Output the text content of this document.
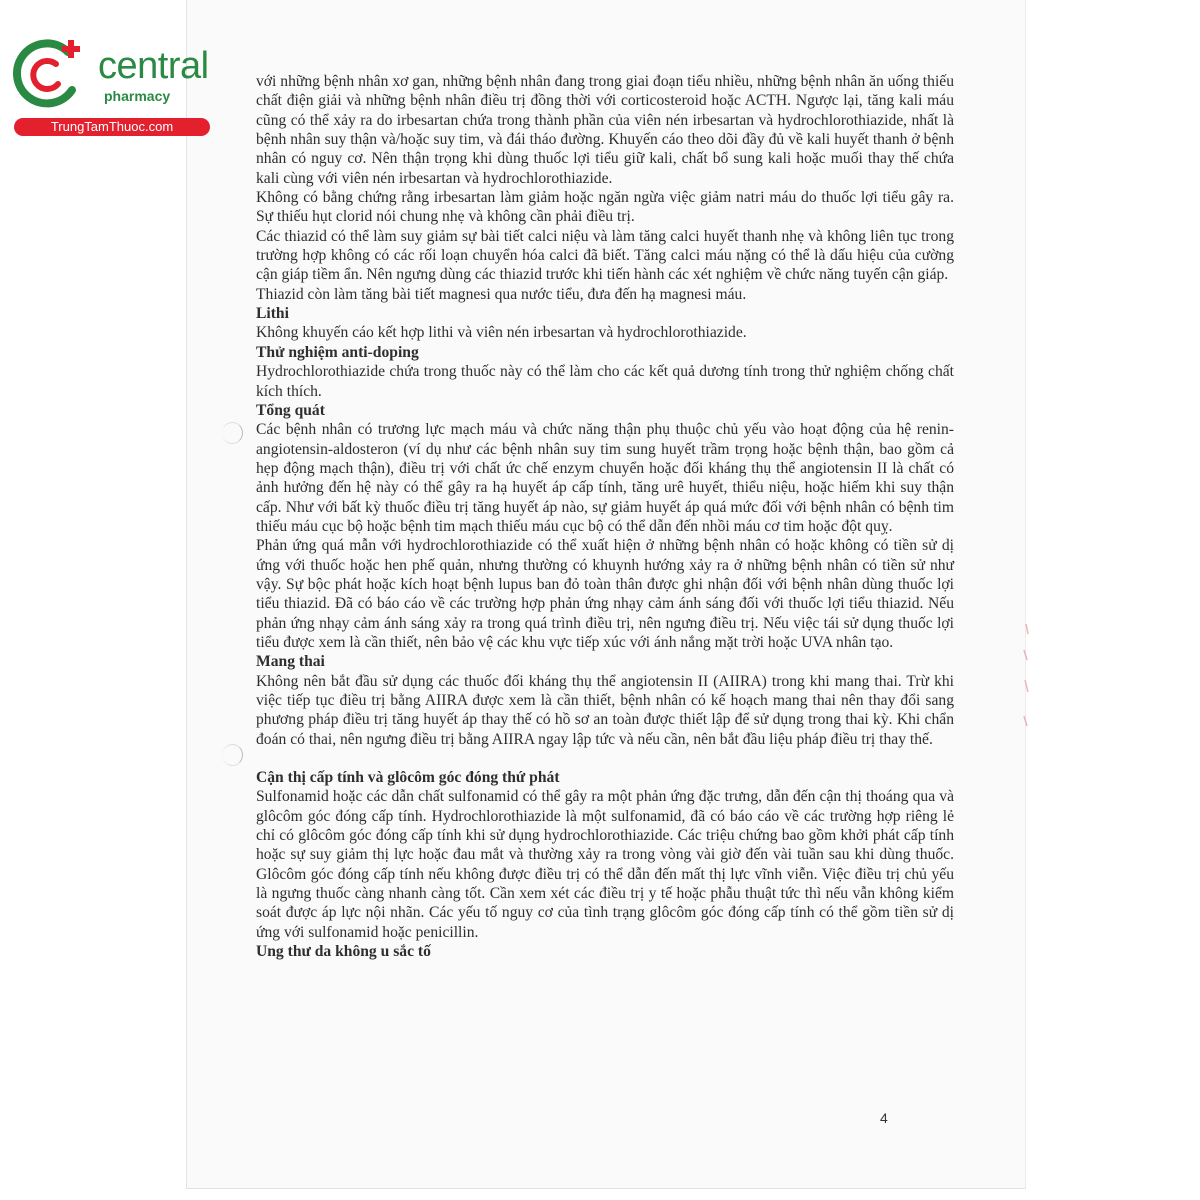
central
pharmacy
TrungTamThuoc.com

với những bệnh nhân xơ gan, những bệnh nhân đang trong giai đoạn tiểu nhiều, những bệnh nhân ăn uống thiếu chất điện giải và những bệnh nhân điều trị đồng thời với corticosteroid hoặc ACTH. Ngược lại, tăng kali máu cũng có thể xảy ra do irbesartan chứa trong thành phần của viên nén irbesartan và hydrochlorothiazide, nhất là bệnh nhân suy thận và/hoặc suy tim, và đái tháo đường. Khuyến cáo theo dõi đầy đủ về kali huyết thanh ở bệnh nhân có nguy cơ. Nên thận trọng khi dùng thuốc lợi tiểu giữ kali, chất bổ sung kali hoặc muối thay thế chứa kali cùng với viên nén irbesartan và hydrochlorothiazide.

Không có bằng chứng rằng irbesartan làm giảm hoặc ngăn ngừa việc giảm natri máu do thuốc lợi tiểu gây ra. Sự thiếu hụt clorid nói chung nhẹ và không cần phải điều trị.

Các thiazid có thể làm suy giảm sự bài tiết calci niệu và làm tăng calci huyết thanh nhẹ và không liên tục trong trường hợp không có các rối loạn chuyển hóa calci đã biết. Tăng calci máu nặng có thể là dấu hiệu của cường cận giáp tiềm ẩn. Nên ngưng dùng các thiazid trước khi tiến hành các xét nghiệm về chức năng tuyến cận giáp.

Thiazid còn làm tăng bài tiết magnesi qua nước tiểu, đưa đến hạ magnesi máu.

Lithi

Không khuyến cáo kết hợp lithi và viên nén irbesartan và hydrochlorothiazide.

Thử nghiệm anti-doping

Hydrochlorothiazide chứa trong thuốc này có thể làm cho các kết quả dương tính trong thử nghiệm chống chất kích thích.

Tổng quát

Các bệnh nhân có trương lực mạch máu và chức năng thận phụ thuộc chủ yếu vào hoạt động của hệ renin-angiotensin-aldosteron (ví dụ như các bệnh nhân suy tim sung huyết trầm trọng hoặc bệnh thận, bao gồm cả hẹp động mạch thận), điều trị với chất ức chế enzym chuyển hoặc đối kháng thụ thể angiotensin II là chất có ảnh hưởng đến hệ này có thể gây ra hạ huyết áp cấp tính, tăng urê huyết, thiểu niệu, hoặc hiếm khi suy thận cấp. Như với bất kỳ thuốc điều trị tăng huyết áp nào, sự giảm huyết áp quá mức đối với bệnh nhân có bệnh tim thiếu máu cục bộ hoặc bệnh tim mạch thiếu máu cục bộ có thể dẫn đến nhồi máu cơ tim hoặc đột quỵ.

Phản ứng quá mẫn với hydrochlorothiazide có thể xuất hiện ở những bệnh nhân có hoặc không có tiền sử dị ứng với thuốc hoặc hen phế quản, nhưng thường có khuynh hướng xảy ra ở những bệnh nhân có tiền sử như vậy. Sự bộc phát hoặc kích hoạt bệnh lupus ban đỏ toàn thân được ghi nhận đối với bệnh nhân dùng thuốc lợi tiểu thiazid. Đã có báo cáo về các trường hợp phản ứng nhạy cảm ánh sáng đối với thuốc lợi tiểu thiazid. Nếu phản ứng nhạy cảm ánh sáng xảy ra trong quá trình điều trị, nên ngưng điều trị. Nếu việc tái sử dụng thuốc lợi tiểu được xem là cần thiết, nên bảo vệ các khu vực tiếp xúc với ánh nắng mặt trời hoặc UVA nhân tạo.

Mang thai

Không nên bắt đầu sử dụng các thuốc đối kháng thụ thể angiotensin II (AIIRA) trong khi mang thai. Trừ khi việc tiếp tục điều trị bằng AIIRA được xem là cần thiết, bệnh nhân có kế hoạch mang thai nên thay đổi sang phương pháp điều trị tăng huyết áp thay thế có hồ sơ an toàn được thiết lập để sử dụng trong thai kỳ. Khi chẩn đoán có thai, nên ngưng điều trị bằng AIIRA ngay lập tức và nếu cần, nên bắt đầu liệu pháp điều trị thay thế.

Cận thị cấp tính và glôcôm góc đóng thứ phát

Sulfonamid hoặc các dẫn chất sulfonamid có thể gây ra một phản ứng đặc trưng, dẫn đến cận thị thoáng qua và glôcôm góc đóng cấp tính. Hydrochlorothiazide là một sulfonamid, đã có báo cáo về các trường hợp riêng lẻ chỉ có glôcôm góc đóng cấp tính khi sử dụng hydrochlorothiazide. Các triệu chứng bao gồm khởi phát cấp tính hoặc sự suy giảm thị lực hoặc đau mắt và thường xảy ra trong vòng vài giờ đến vài tuần sau khi dùng thuốc. Glôcôm góc đóng cấp tính nếu không được điều trị có thể dẫn đến mất thị lực vĩnh viễn. Việc điều trị chủ yếu là ngưng thuốc càng nhanh càng tốt. Cần xem xét các điều trị y tế hoặc phẫu thuật tức thì nếu vẫn không kiểm soát được áp lực nội nhãn. Các yếu tố nguy cơ của tình trạng glôcôm góc đóng cấp tính có thể gồm tiền sử dị ứng với sulfonamid hoặc penicillin.

Ung thư da không u sắc tố

4
